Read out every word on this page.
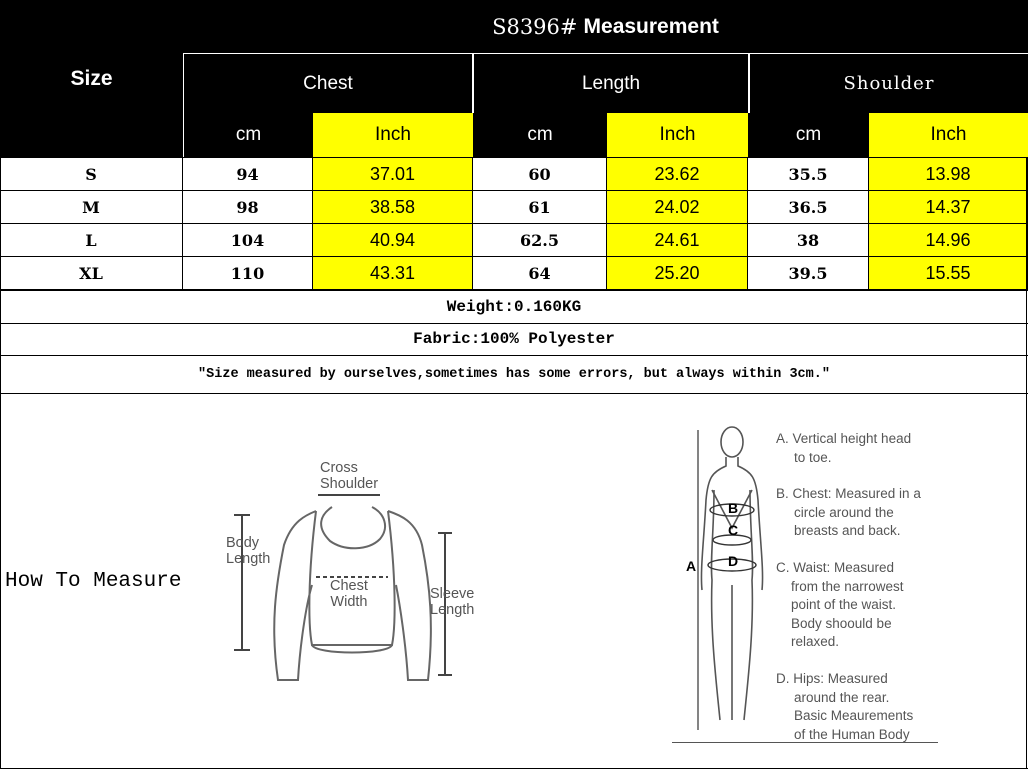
Size
S8396# Measurement
Chest	Length	Shoulder
cm	Inch	cm	Inch	cm	Inch
S	94	37.01	60	23.62	35.5	13.98
M	98	38.58	61	24.02	36.5	14.37
L	104	40.94	62.5	24.61	38	14.96
XL	110	43.31	64	25.20	39.5	15.55
Weight:0.160KG
Fabric:100% Polyester
"Size measured by ourselves,sometimes has some errors, but always within 3cm."
How To Measure
Cross
Shoulder
Body
Length
Chest
Width	Sleeve
Length
A
B
C
D
A. Vertical height head
to toe.
B. Chest: Measured in a
circle around the
breasts and back.
C. Waist: Measured
from the narrowest
point of the waist.
Body shoould be
relaxed.
D. Hips: Measured
around the rear.
Basic Meaurements
of the Human Body
